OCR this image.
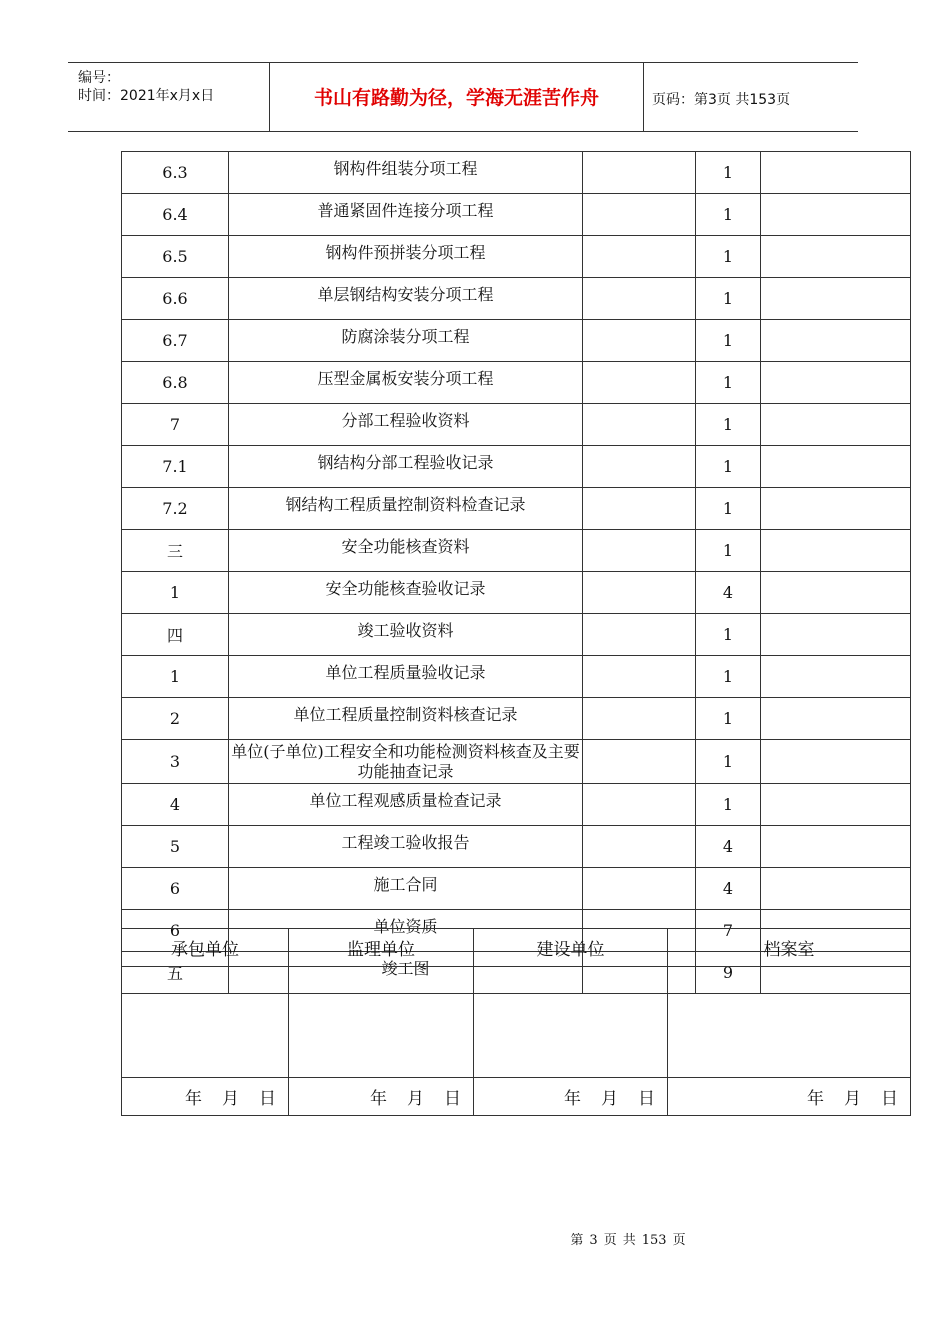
编号：
时间：2021年x月x日	书山有路勤为径，学海无涯苦作舟	页码：第3页 共153页
6.3	钢构件组装分项工程		1	
6.4	普通紧固件连接分项工程		1	
6.5	钢构件预拼装分项工程		1	
6.6	单层钢结构安装分项工程		1	
6.7	防腐涂装分项工程		1	
6.8	压型金属板安装分项工程		1	
7	分部工程验收资料		1	
7.1	钢结构分部工程验收记录		1	
7.2	钢结构工程质量控制资料检查记录		1	
三	安全功能核查资料		1	
1	安全功能核查验收记录		4	
四	竣工验收资料		1	
1	单位工程质量验收记录		1	
2	单位工程质量控制资料核查记录		1	
3	单位(子单位)工程安全和功能检测资料核查及主要功能抽查记录		1	
4	单位工程观感质量检查记录		1	
5	工程竣工验收报告		4	
6	施工合同		4	
6	单位资质		7	
五	竣工图		9	
承包单位	监理单位	建设单位	档案室

年 月 日	年 月 日	年 月 日	年 月 日
第 3 页 共 153 页
